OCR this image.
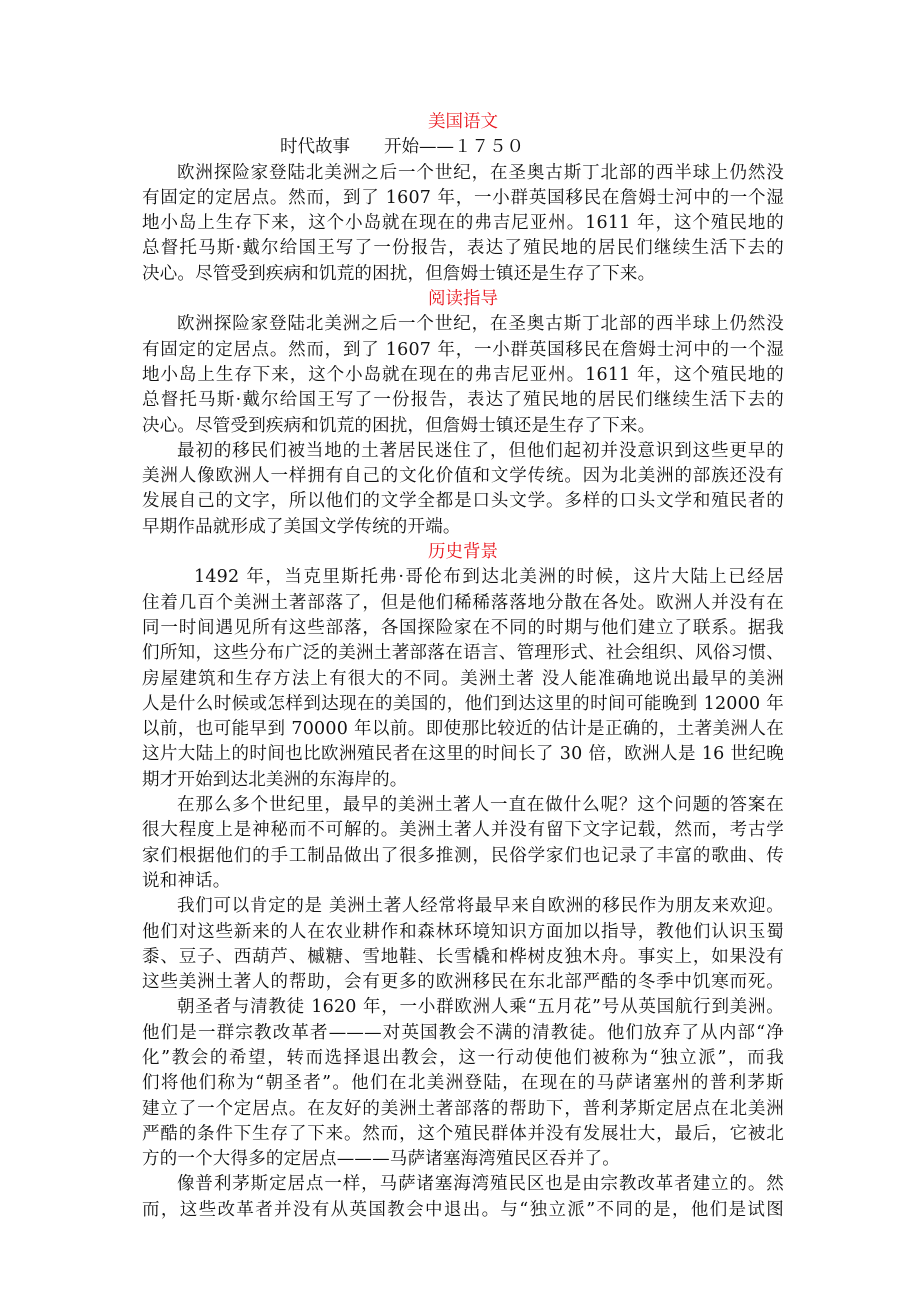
美国语文
时代故事 开始——１７５０
欧洲探险家登陆北美洲之后一个世纪，在圣奥古斯丁北部的西半球上仍然没
有固定的定居点。然而，到了 1607 年，一小群英国移民在詹姆士河中的一个湿
地小岛上生存下来，这个小岛就在现在的弗吉尼亚州。1611 年，这个殖民地的
总督托马斯·戴尔给国王写了一份报告，表达了殖民地的居民们继续生活下去的
决心。尽管受到疾病和饥荒的困扰，但詹姆士镇还是生存了下来。
阅读指导
欧洲探险家登陆北美洲之后一个世纪，在圣奥古斯丁北部的西半球上仍然没
有固定的定居点。然而，到了 1607 年，一小群英国移民在詹姆士河中的一个湿
地小岛上生存下来，这个小岛就在现在的弗吉尼亚州。1611 年，这个殖民地的
总督托马斯·戴尔给国王写了一份报告，表达了殖民地的居民们继续生活下去的
决心。尽管受到疾病和饥荒的困扰，但詹姆士镇还是生存了下来。
最初的移民们被当地的土著居民迷住了，但他们起初并没意识到这些更早的
美洲人像欧洲人一样拥有自己的文化价值和文学传统。因为北美洲的部族还没有
发展自己的文字，所以他们的文学全都是口头文学。多样的口头文学和殖民者的
早期作品就形成了美国文学传统的开端。
历史背景
1492 年，当克里斯托弗·哥伦布到达北美洲的时候，这片大陆上已经居
住着几百个美洲土著部落了，但是他们稀稀落落地分散在各处。欧洲人并没有在
同一时间遇见所有这些部落，各国探险家在不同的时期与他们建立了联系。据我
们所知，这些分布广泛的美洲土著部落在语言、管理形式、社会组织、风俗习惯、
房屋建筑和生存方法上有很大的不同。美洲土著 没人能准确地说出最早的美洲
人是什么时候或怎样到达现在的美国的，他们到达这里的时间可能晚到 12000 年
以前，也可能早到 70000 年以前。即使那比较近的估计是正确的，土著美洲人在
这片大陆上的时间也比欧洲殖民者在这里的时间长了 30 倍，欧洲人是 16 世纪晚
期才开始到达北美洲的东海岸的。
在那么多个世纪里，最早的美洲土著人一直在做什么呢？这个问题的答案在
很大程度上是神秘而不可解的。美洲土著人并没有留下文字记载，然而，考古学
家们根据他们的手工制品做出了很多推测，民俗学家们也记录了丰富的歌曲、传
说和神话。
我们可以肯定的是 美洲土著人经常将最早来自欧洲的移民作为朋友来欢迎。
他们对这些新来的人在农业耕作和森林环境知识方面加以指导，教他们认识玉蜀
黍、豆子、西葫芦、槭糖、雪地鞋、长雪橇和桦树皮独木舟。事实上，如果没有
这些美洲土著人的帮助，会有更多的欧洲移民在东北部严酷的冬季中饥寒而死。
朝圣者与清教徒 1620 年，一小群欧洲人乘“五月花”号从英国航行到美洲。
他们是一群宗教改革者———对英国教会不满的清教徒。他们放弃了从内部“净
化”教会的希望，转而选择退出教会，这一行动使他们被称为“独立派”，而我
们将他们称为“朝圣者”。他们在北美洲登陆，在现在的马萨诸塞州的普利茅斯
建立了一个定居点。在友好的美洲土著部落的帮助下，普利茅斯定居点在北美洲
严酷的条件下生存了下来。然而，这个殖民群体并没有发展壮大，最后，它被北
方的一个大得多的定居点———马萨诸塞海湾殖民区吞并了。
像普利茅斯定居点一样，马萨诸塞海湾殖民区也是由宗教改革者建立的。然
而，这些改革者并没有从英国教会中退出。与“独立派”不同的是，他们是试图
